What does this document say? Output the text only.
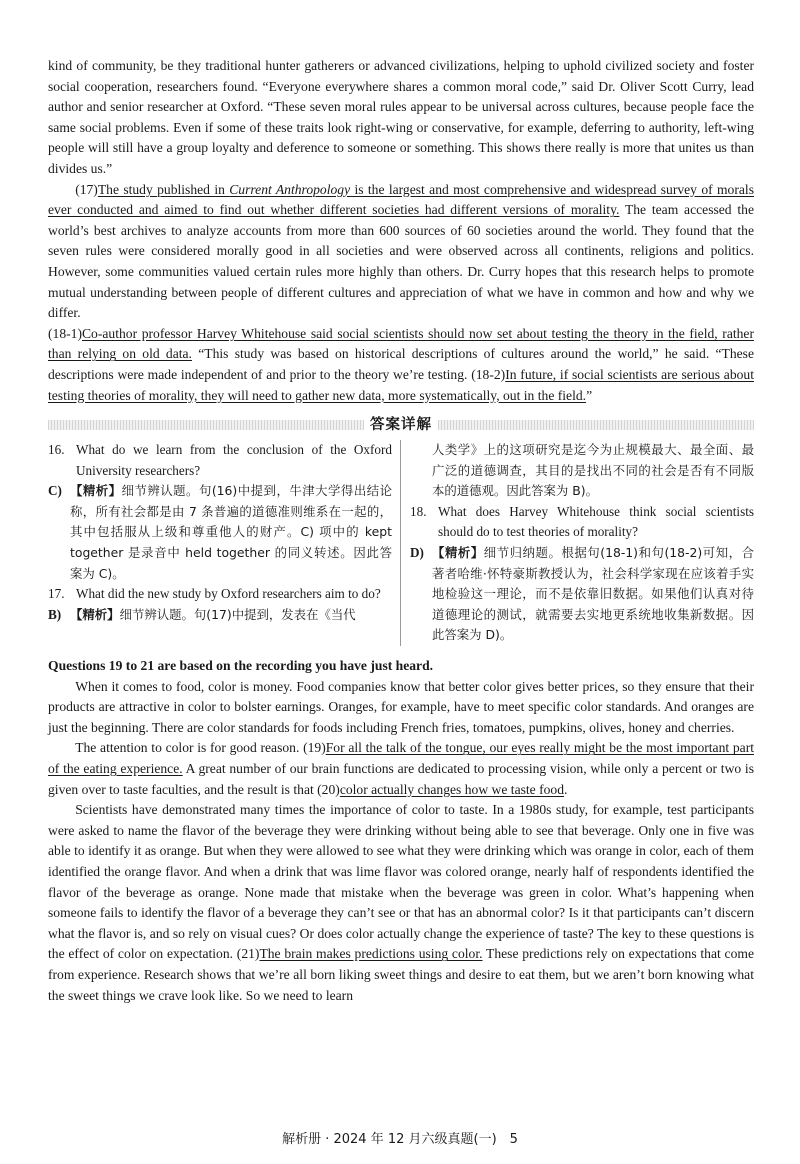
kind of community, be they traditional hunter gatherers or advanced civilizations, helping to uphold civilized society and foster social cooperation, researchers found. “Everyone everywhere shares a common moral code,” said Dr. Oliver Scott Curry, lead author and senior researcher at Oxford. “These seven moral rules appear to be universal across cultures, because people face the same social problems. Even if some of these traits look right-wing or conservative, for example, deferring to authority, left-wing people will still have a group loyalty and deference to someone or something. This shows there really is more that unites us than divides us.”

(17)The study published in Current Anthropology is the largest and most comprehensive and widespread survey of morals ever conducted and aimed to find out whether different societies had different versions of morality. The team accessed the world’s best archives to analyze accounts from more than 600 sources of 60 societies around the world. They found that the seven rules were considered morally good in all societies and were observed across all continents, religions and politics. However, some communities valued certain rules more highly than others. Dr. Curry hopes that this research helps to promote mutual understanding between people of different cultures and appreciation of what we have in common and how and why we differ.

(18-1)Co-author professor Harvey Whitehouse said social scientists should now set about testing the theory in the field, rather than relying on old data. “This study was based on historical descriptions of cultures around the world,” he said. “These descriptions were made independent of and prior to the theory we’re testing. (18-2)In future, if social scientists are serious about testing theories of morality, they will need to gather new data, more systematically, out in the field.”

答案详解
16. What do we learn from the conclusion of the Oxford University researchers?
C) 【精析】细节辨认题。句(16)中提到，牛津大学得出结论称，所有社会都是由 7 条普遍的道德准则维系在一起的，其中包括服从上级和尊重他人的财产。C) 项中的 kept together 是录音中 held together 的同义转述。因此答案为 C)。
17. What did the new study by Oxford researchers aim to do?
B) 【精析】细节辨认题。句(17)中提到，发表在《当代
人类学》上的这项研究是迄今为止规模最大、最全面、最广泛的道德调查，其目的是找出不同的社会是否有不同版本的道德观。因此答案为 B)。
18. What does Harvey Whitehouse think social scientists should do to test theories of morality?
D) 【精析】细节归纳题。根据句(18-1)和句(18-2)可知，合著者哈维·怀特豪斯教授认为，社会科学家现在应该着手实地检验这一理论，而不是依靠旧数据。如果他们认真对待道德理论的测试，就需要去实地更系统地收集新数据。因此答案为 D)。

Questions 19 to 21 are based on the recording you have just heard.

When it comes to food, color is money. Food companies know that better color gives better prices, so they ensure that their products are attractive in color to bolster earnings. Oranges, for example, have to meet specific color standards. And oranges are just the beginning. There are color standards for foods including French fries, tomatoes, pumpkins, olives, honey and cherries.

The attention to color is for good reason. (19)For all the talk of the tongue, our eyes really might be the most important part of the eating experience. A great number of our brain functions are dedicated to processing vision, while only a percent or two is given over to taste faculties, and the result is that (20)color actually changes how we taste food.

Scientists have demonstrated many times the importance of color to taste. In a 1980s study, for example, test participants were asked to name the flavor of the beverage they were drinking without being able to see that beverage. Only one in five was able to identify it as orange. But when they were allowed to see what they were drinking which was orange in color, each of them identified the orange flavor. And when a drink that was lime flavor was colored orange, nearly half of respondents identified the flavor of the beverage as orange. None made that mistake when the beverage was green in color. What’s happening when someone fails to identify the flavor of a beverage they can’t see or that has an abnormal color? Is it that participants can’t discern what the flavor is, and so rely on visual cues? Or does color actually change the experience of taste? The key to these questions is the effect of color on expectation. (21)The brain makes predictions using color. These predictions rely on expectations that come from experience. Research shows that we’re all born liking sweet things and desire to eat them, but we aren’t born knowing what the sweet things we crave look like. So we need to learn

解析册 · 2024 年 12 月六级真题(一)　5
